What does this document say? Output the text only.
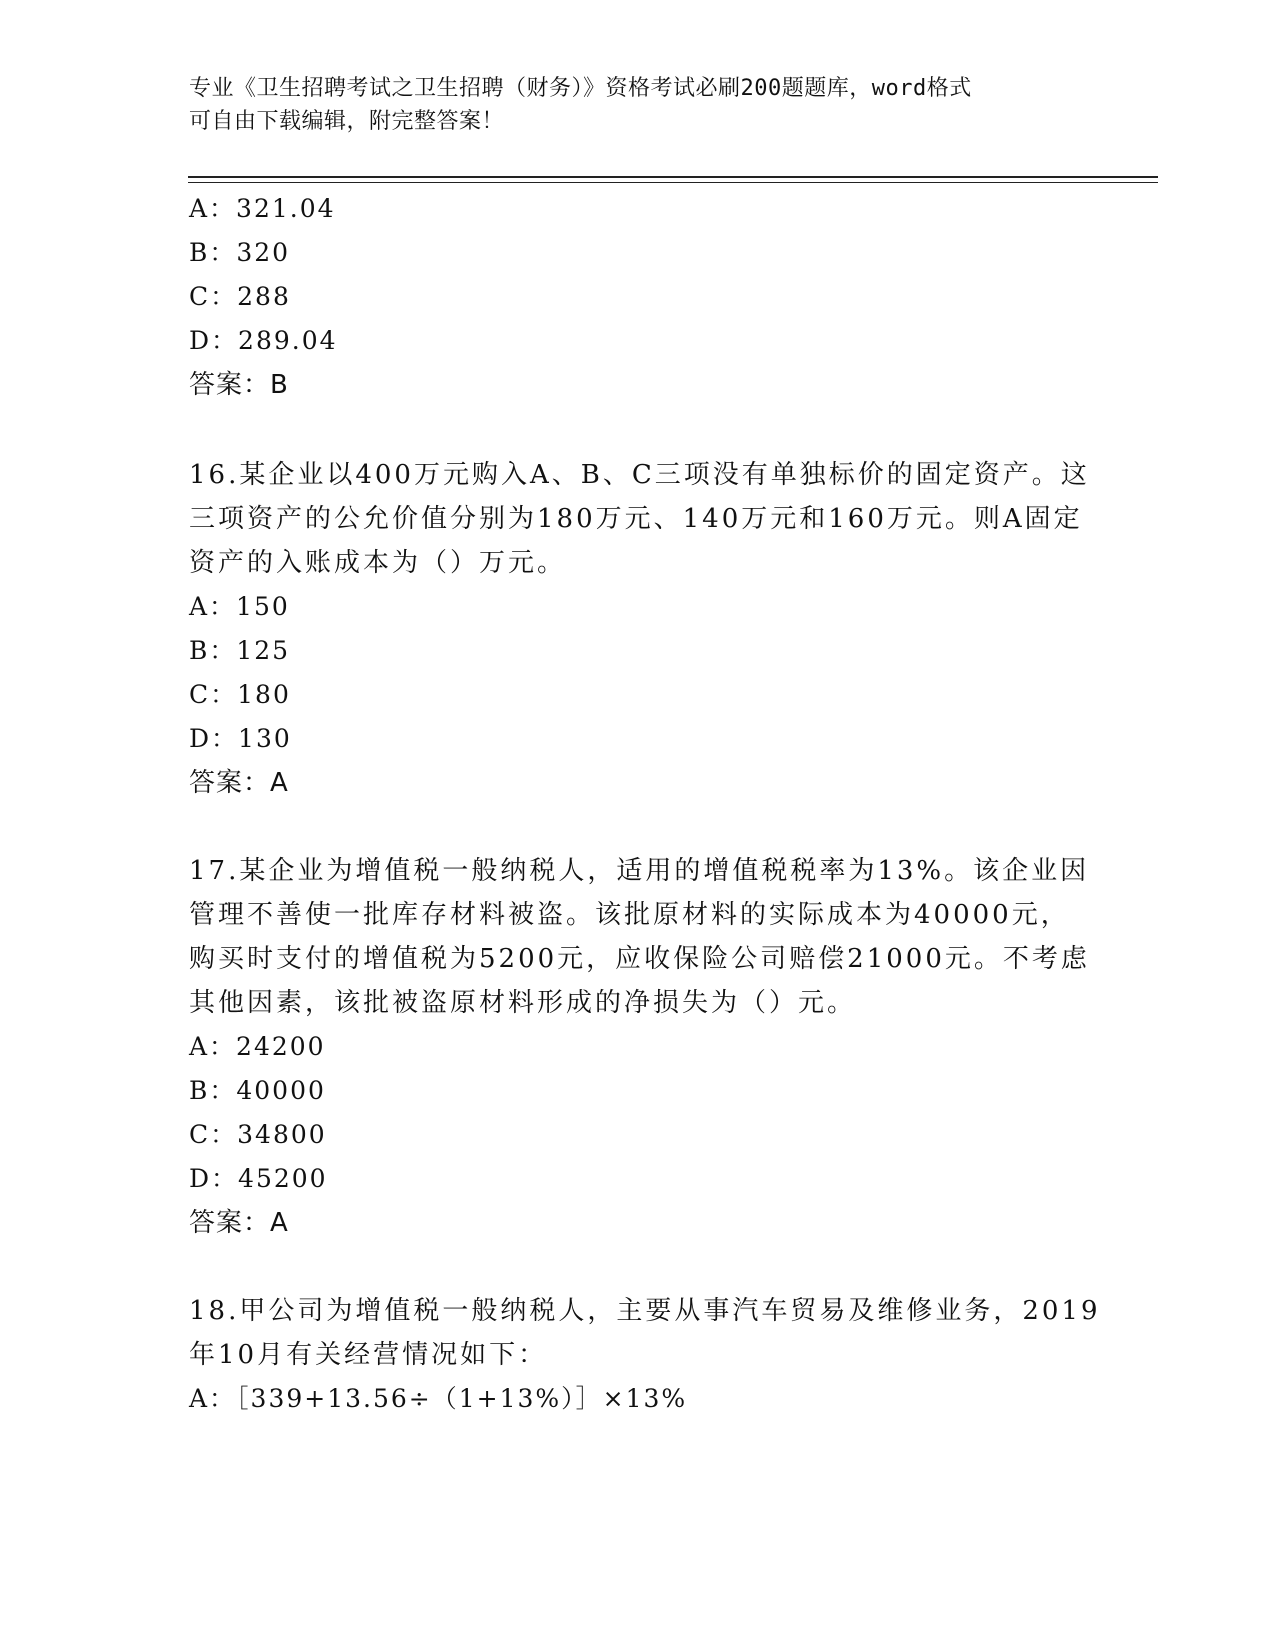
专业《卫生招聘考试之卫生招聘（财务）》资格考试必刷200题题库，word格式
可自由下载编辑，附完整答案！
A：321.04
B：320
C：288
D：289.04
答案：B
16.某企业以400万元购入A、B、C三项没有单独标价的固定资产。这
三项资产的公允价值分别为180万元、140万元和160万元。则A固定
资产的入账成本为（）万元。
A：150
B：125
C：180
D：130
答案：A
17.某企业为增值税一般纳税人，适用的增值税税率为13%。该企业因
管理不善使一批库存材料被盗。该批原材料的实际成本为40000元，
购买时支付的增值税为5200元，应收保险公司赔偿21000元。不考虑
其他因素，该批被盗原材料形成的净损失为（）元。
A：24200
B：40000
C：34800
D：45200
答案：A
18.甲公司为增值税一般纳税人，主要从事汽车贸易及维修业务，2019
年10月有关经营情况如下：
A：［339+13.56÷（1+13%）］×13%
